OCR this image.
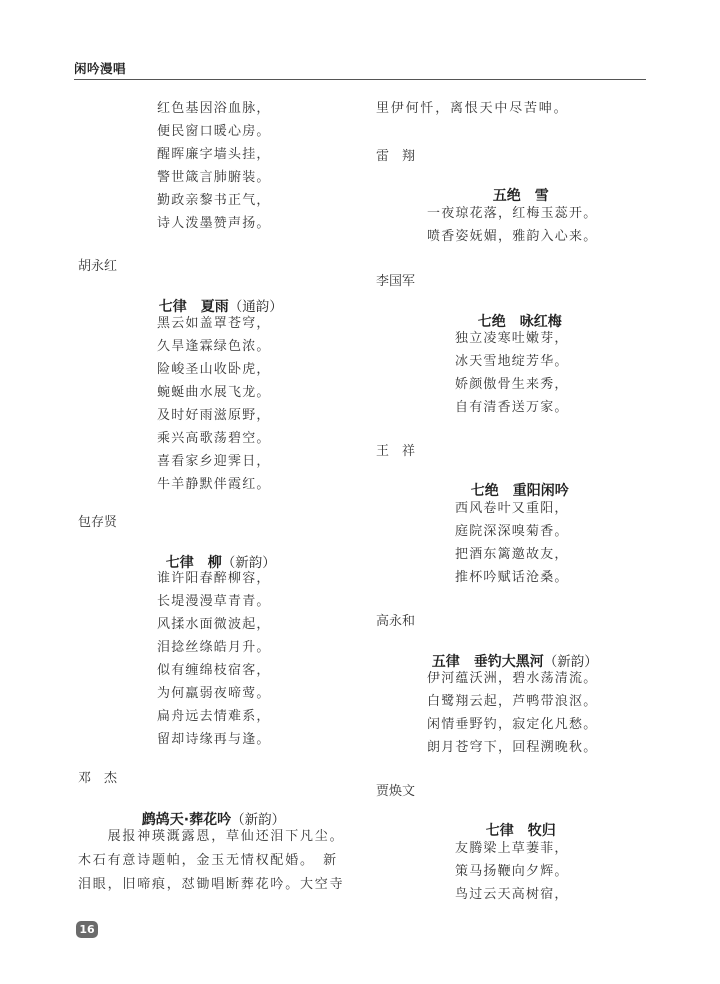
闲吟漫唱
红色基因浴血脉，
便民窗口暖心房。
醒晖廉字墙头挂，
警世箴言肺腑装。
勤政亲黎书正气，
诗人泼墨赞声扬。
胡永红

七律　夏雨（通韵）

黑云如盖罩苍穹，
久旱逢霖绿色浓。
险峻圣山收卧虎，
蜿蜒曲水展飞龙。
及时好雨滋原野，
乘兴高歌荡碧空。
喜看家乡迎霁日，
牛羊静默伴霞红。
包存贤

七律　柳（新韵）

谁许阳春醉柳容，
长堤漫漫草青青。
风揉水面微波起，
泪捻丝绦皓月升。
似有缠绵枝宿客，
为何羸弱夜啼莺。
扁舟远去情难系，
留却诗缘再与逢。
邓　杰

鹧鸪天·葬花吟（新韵）

　　展报神瑛溉露恩，草仙还泪下凡尘。
木石有意诗题帕，金玉无情权配婚。　新
泪眼，旧啼痕，怼锄唱断葬花吟。大空寺
16
里伊何忏，离恨天中尽苦呻。
雷　翔

五绝　雪

一夜琼花落，红梅玉蕊开。
喷香姿妩媚，雅韵入心来。
李国军

七绝　咏红梅

独立凌寒吐嫩芽，
冰天雪地绽芳华。
娇颜傲骨生来秀，
自有清香送万家。
王　祥

七绝　重阳闲吟

西风卷叶又重阳，
庭院深深嗅菊香。
把酒东篱邀故友，
推杯吟赋话沧桑。
高永和

五律　垂钓大黑河（新韵）

伊河蕴沃洲，碧水荡清流。
白鹭翔云起，芦鸭带浪沤。
闲情垂野钓，寂定化凡愁。
朗月苍穹下，回程溯晚秋。
贾焕文

七律　牧归

友腾梁上草萋菲，
策马扬鞭向夕辉。
鸟过云天高树宿，
